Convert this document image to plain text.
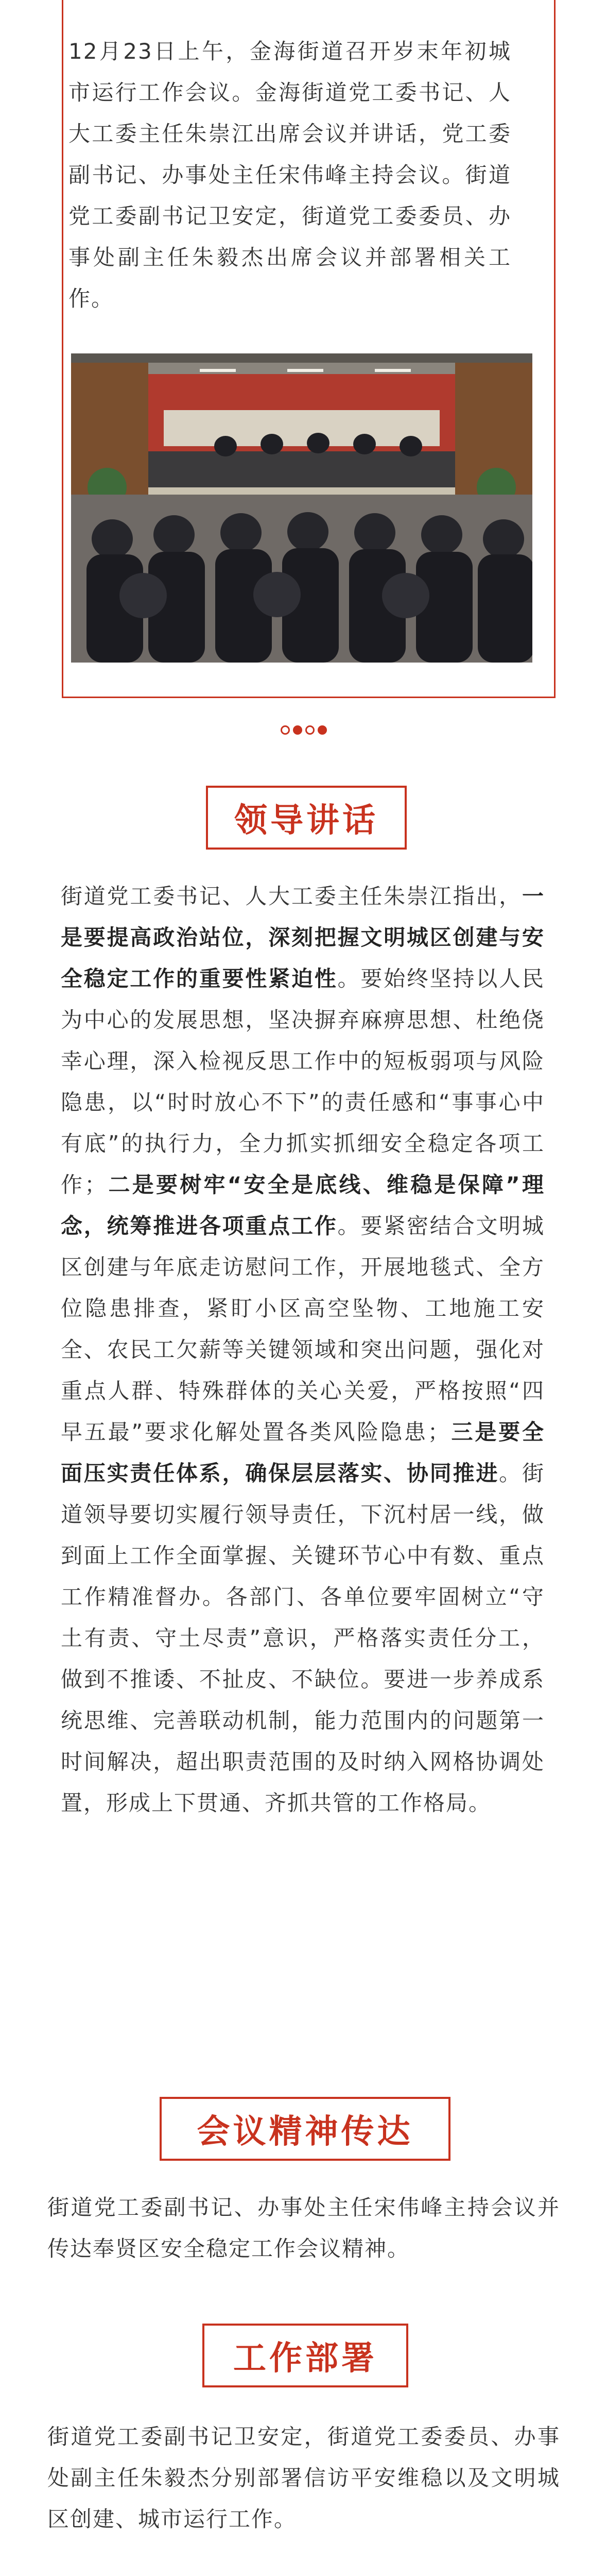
12月23日上午，金海街道召开岁末年初城市运行工作会议。金海街道党工委书记、人大工委主任朱崇江出席会议并讲话，党工委副书记、办事处主任宋伟峰主持会议。街道党工委副书记卫安定，街道党工委委员、办事处副主任朱毅杰出席会议并部署相关工作。

领导讲话

街道党工委书记、人大工委主任朱崇江指出，一是要提高政治站位，深刻把握文明城区创建与安全稳定工作的重要性紧迫性。要始终坚持以人民为中心的发展思想，坚决摒弃麻痹思想、杜绝侥幸心理，深入检视反思工作中的短板弱项与风险隐患，以“时时放心不下”的责任感和“事事心中有底”的执行力，全力抓实抓细安全稳定各项工作；二是要树牢“安全是底线、维稳是保障”理念，统筹推进各项重点工作。要紧密结合文明城区创建与年底走访慰问工作，开展地毯式、全方位隐患排查，紧盯小区高空坠物、工地施工安全、农民工欠薪等关键领域和突出问题，强化对重点人群、特殊群体的关心关爱，严格按照“四早五最”要求化解处置各类风险隐患；三是要全面压实责任体系，确保层层落实、协同推进。街道领导要切实履行领导责任，下沉村居一线，做到面上工作全面掌握、关键环节心中有数、重点工作精准督办。各部门、各单位要牢固树立“守土有责、守土尽责”意识，严格落实责任分工，做到不推诿、不扯皮、不缺位。要进一步养成系统思维、完善联动机制，能力范围内的问题第一时间解决，超出职责范围的及时纳入网格协调处置，形成上下贯通、齐抓共管的工作格局。

会议精神传达

街道党工委副书记、办事处主任宋伟峰主持会议并传达奉贤区安全稳定工作会议精神。

工作部署

街道党工委副书记卫安定，街道党工委委员、办事处副主任朱毅杰分别部署信访平安维稳以及文明城区创建、城市运行工作。
